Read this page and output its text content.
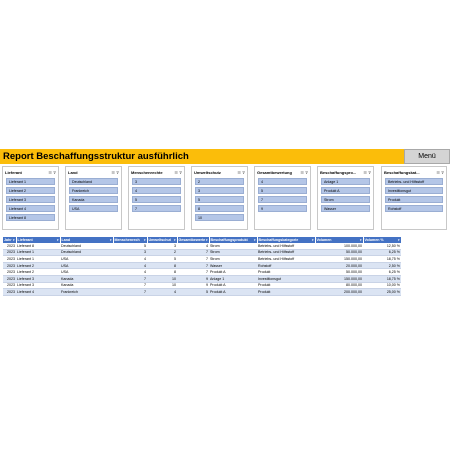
Report Beschaffungsstruktur ausführlich	Menü
Lieferant	☰ ⊽
Lieferant 1
Lieferant 2
Lieferant 3
Lieferant 4
Lieferant 8
Land	☰ ⊽
Deutschland
Frankreich
Kanada
USA
Menschenrechte	☰ ⊽
3
4
5
7
Umweltschutz	☰ ⊽
2
3
5
8
10
Gesamtbewertung ☰ ⊽
4
5
7
9
Beschaffungspro... ☰ ⊽
Anlage 1
Produkt A
Strom
Wasser
Beschaffungskat...	☰ ⊽
Betriebs- und Hilfsstoff
Investitionsgut
Produkt
Rohstoff
Jahr ▾	Lieferant ▾	Land ▾	Menschenrech ▾	Umweltschut ▾	Gesamtbewerte ▾	Beschaffungsprodukt ▾	Beschaffungskategorie ▾	Volumen ▾	Volumen % ▾

2023	Lieferant 8	Deutschland	5	3	4	Strom	Betriebs- und Hilfsstoff	100.000,00	12,50 %
2023	Lieferant 1	Deutschland	3	2	7	Strom	Betriebs- und Hilfsstoff	50.000,00	6,25 %
2023	Lieferant 1	USA	4	5	7	Strom	Betriebs- und Hilfsstoff	150.000,00	18,75 %
2023	Lieferant 2	USA	4	8	7	Wasser	Rohstoff	20.000,00	2,50 %
2023	Lieferant 2	USA	4	8	7	Produkt A	Produkt	50.000,00	6,25 %
2023	Lieferant 3	Kanada	7	10	9	Anlage 1	Investitionsgut	150.000,00	18,75 %
2023	Lieferant 3	Kanada	7	10	9	Produkt A	Produkt	80.000,00	10,00 %
2023	Lieferant 4	Frankreich	7	4	5	Produkt A	Produkt	200.000,00	25,00 %
